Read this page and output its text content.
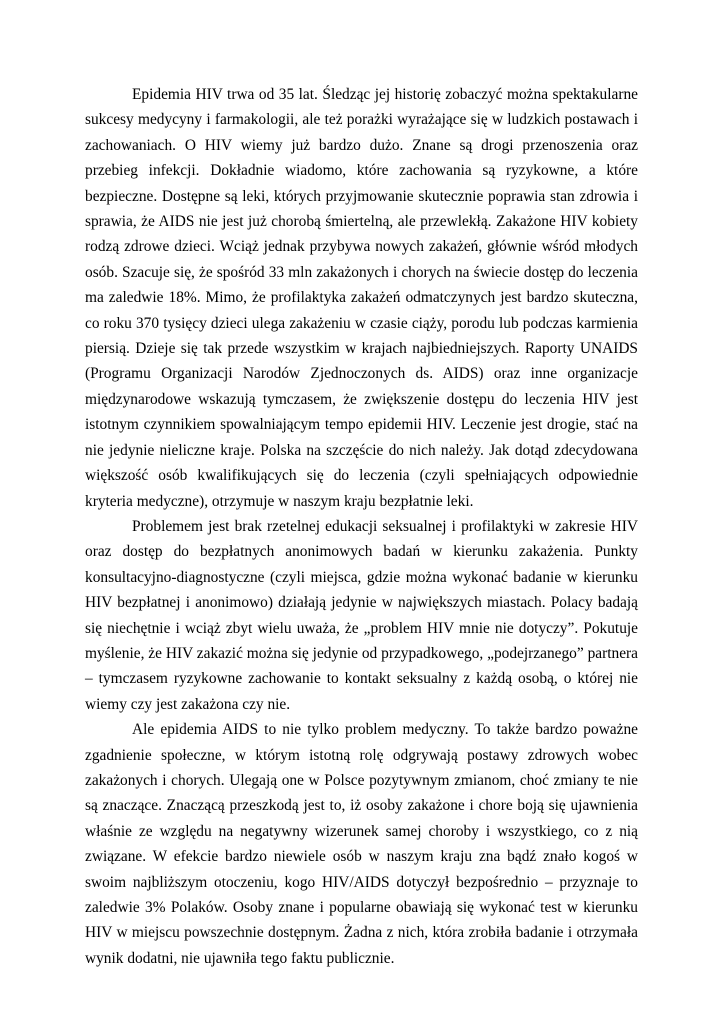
Epidemia HIV trwa od 35 lat. Śledząc jej historię zobaczyć można spektakularne sukcesy medycyny i farmakologii, ale też porażki wyrażające się w ludzkich postawach i zachowaniach. O HIV wiemy już bardzo dużo. Znane są drogi przenoszenia oraz przebieg infekcji. Dokładnie wiadomo, które zachowania są ryzykowne, a które bezpieczne. Dostępne są leki, których przyjmowanie skutecznie poprawia stan zdrowia i sprawia, że AIDS nie jest już chorobą śmiertelną, ale przewlekłą. Zakażone HIV kobiety rodzą zdrowe dzieci. Wciąż jednak przybywa nowych zakażeń, głównie wśród młodych osób. Szacuje się, że spośród 33 mln zakażonych i chorych na świecie dostęp do leczenia ma zaledwie 18%. Mimo, że profilaktyka zakażeń odmatczynych jest bardzo skuteczna, co roku 370 tysięcy dzieci ulega zakażeniu w czasie ciąży, porodu lub podczas karmienia piersią. Dzieje się tak przede wszystkim w krajach najbiedniejszych. Raporty UNAIDS (Programu Organizacji Narodów Zjednoczonych ds. AIDS) oraz inne organizacje międzynarodowe wskazują tymczasem, że zwiększenie dostępu do leczenia HIV jest istotnym czynnikiem spowalniającym tempo epidemii HIV. Leczenie jest drogie, stać na nie jedynie nieliczne kraje. Polska na szczęście do nich należy. Jak dotąd zdecydowana większość osób kwalifikujących się do leczenia (czyli spełniających odpowiednie kryteria medyczne), otrzymuje w naszym kraju bezpłatnie leki.

Problemem jest brak rzetelnej edukacji seksualnej i profilaktyki w zakresie HIV oraz dostęp do bezpłatnych anonimowych badań w kierunku zakażenia. Punkty konsultacyjno-diagnostyczne (czyli miejsca, gdzie można wykonać badanie w kierunku HIV bezpłatnej i anonimowo) działają jedynie w największych miastach. Polacy badają się niechętnie i wciąż zbyt wielu uważa, że „problem HIV mnie nie dotyczy”. Pokutuje myślenie, że HIV zakazić można się jedynie od przypadkowego, „podejrzanego” partnera – tymczasem ryzykowne zachowanie to kontakt seksualny z każdą osobą, o której nie wiemy czy jest zakażona czy nie.

Ale epidemia AIDS to nie tylko problem medyczny. To także bardzo poważne zgadnienie społeczne, w którym istotną rolę odgrywają postawy zdrowych wobec zakażonych i chorych. Ulegają one w Polsce pozytywnym zmianom, choć zmiany te nie są znaczące. Znaczącą przeszkodą jest to, iż osoby zakażone i chore boją się ujawnienia właśnie ze względu na negatywny wizerunek samej choroby i wszystkiego, co z nią związane. W efekcie bardzo niewiele osób w naszym kraju zna bądź znało kogoś w swoim najbliższym otoczeniu, kogo HIV/AIDS dotyczył bezpośrednio – przyznaje to zaledwie 3% Polaków. Osoby znane i popularne obawiają się wykonać test w kierunku HIV w miejscu powszechnie dostępnym. Żadna z nich, która zrobiła badanie i otrzymała wynik dodatni, nie ujawniła tego faktu publicznie.
